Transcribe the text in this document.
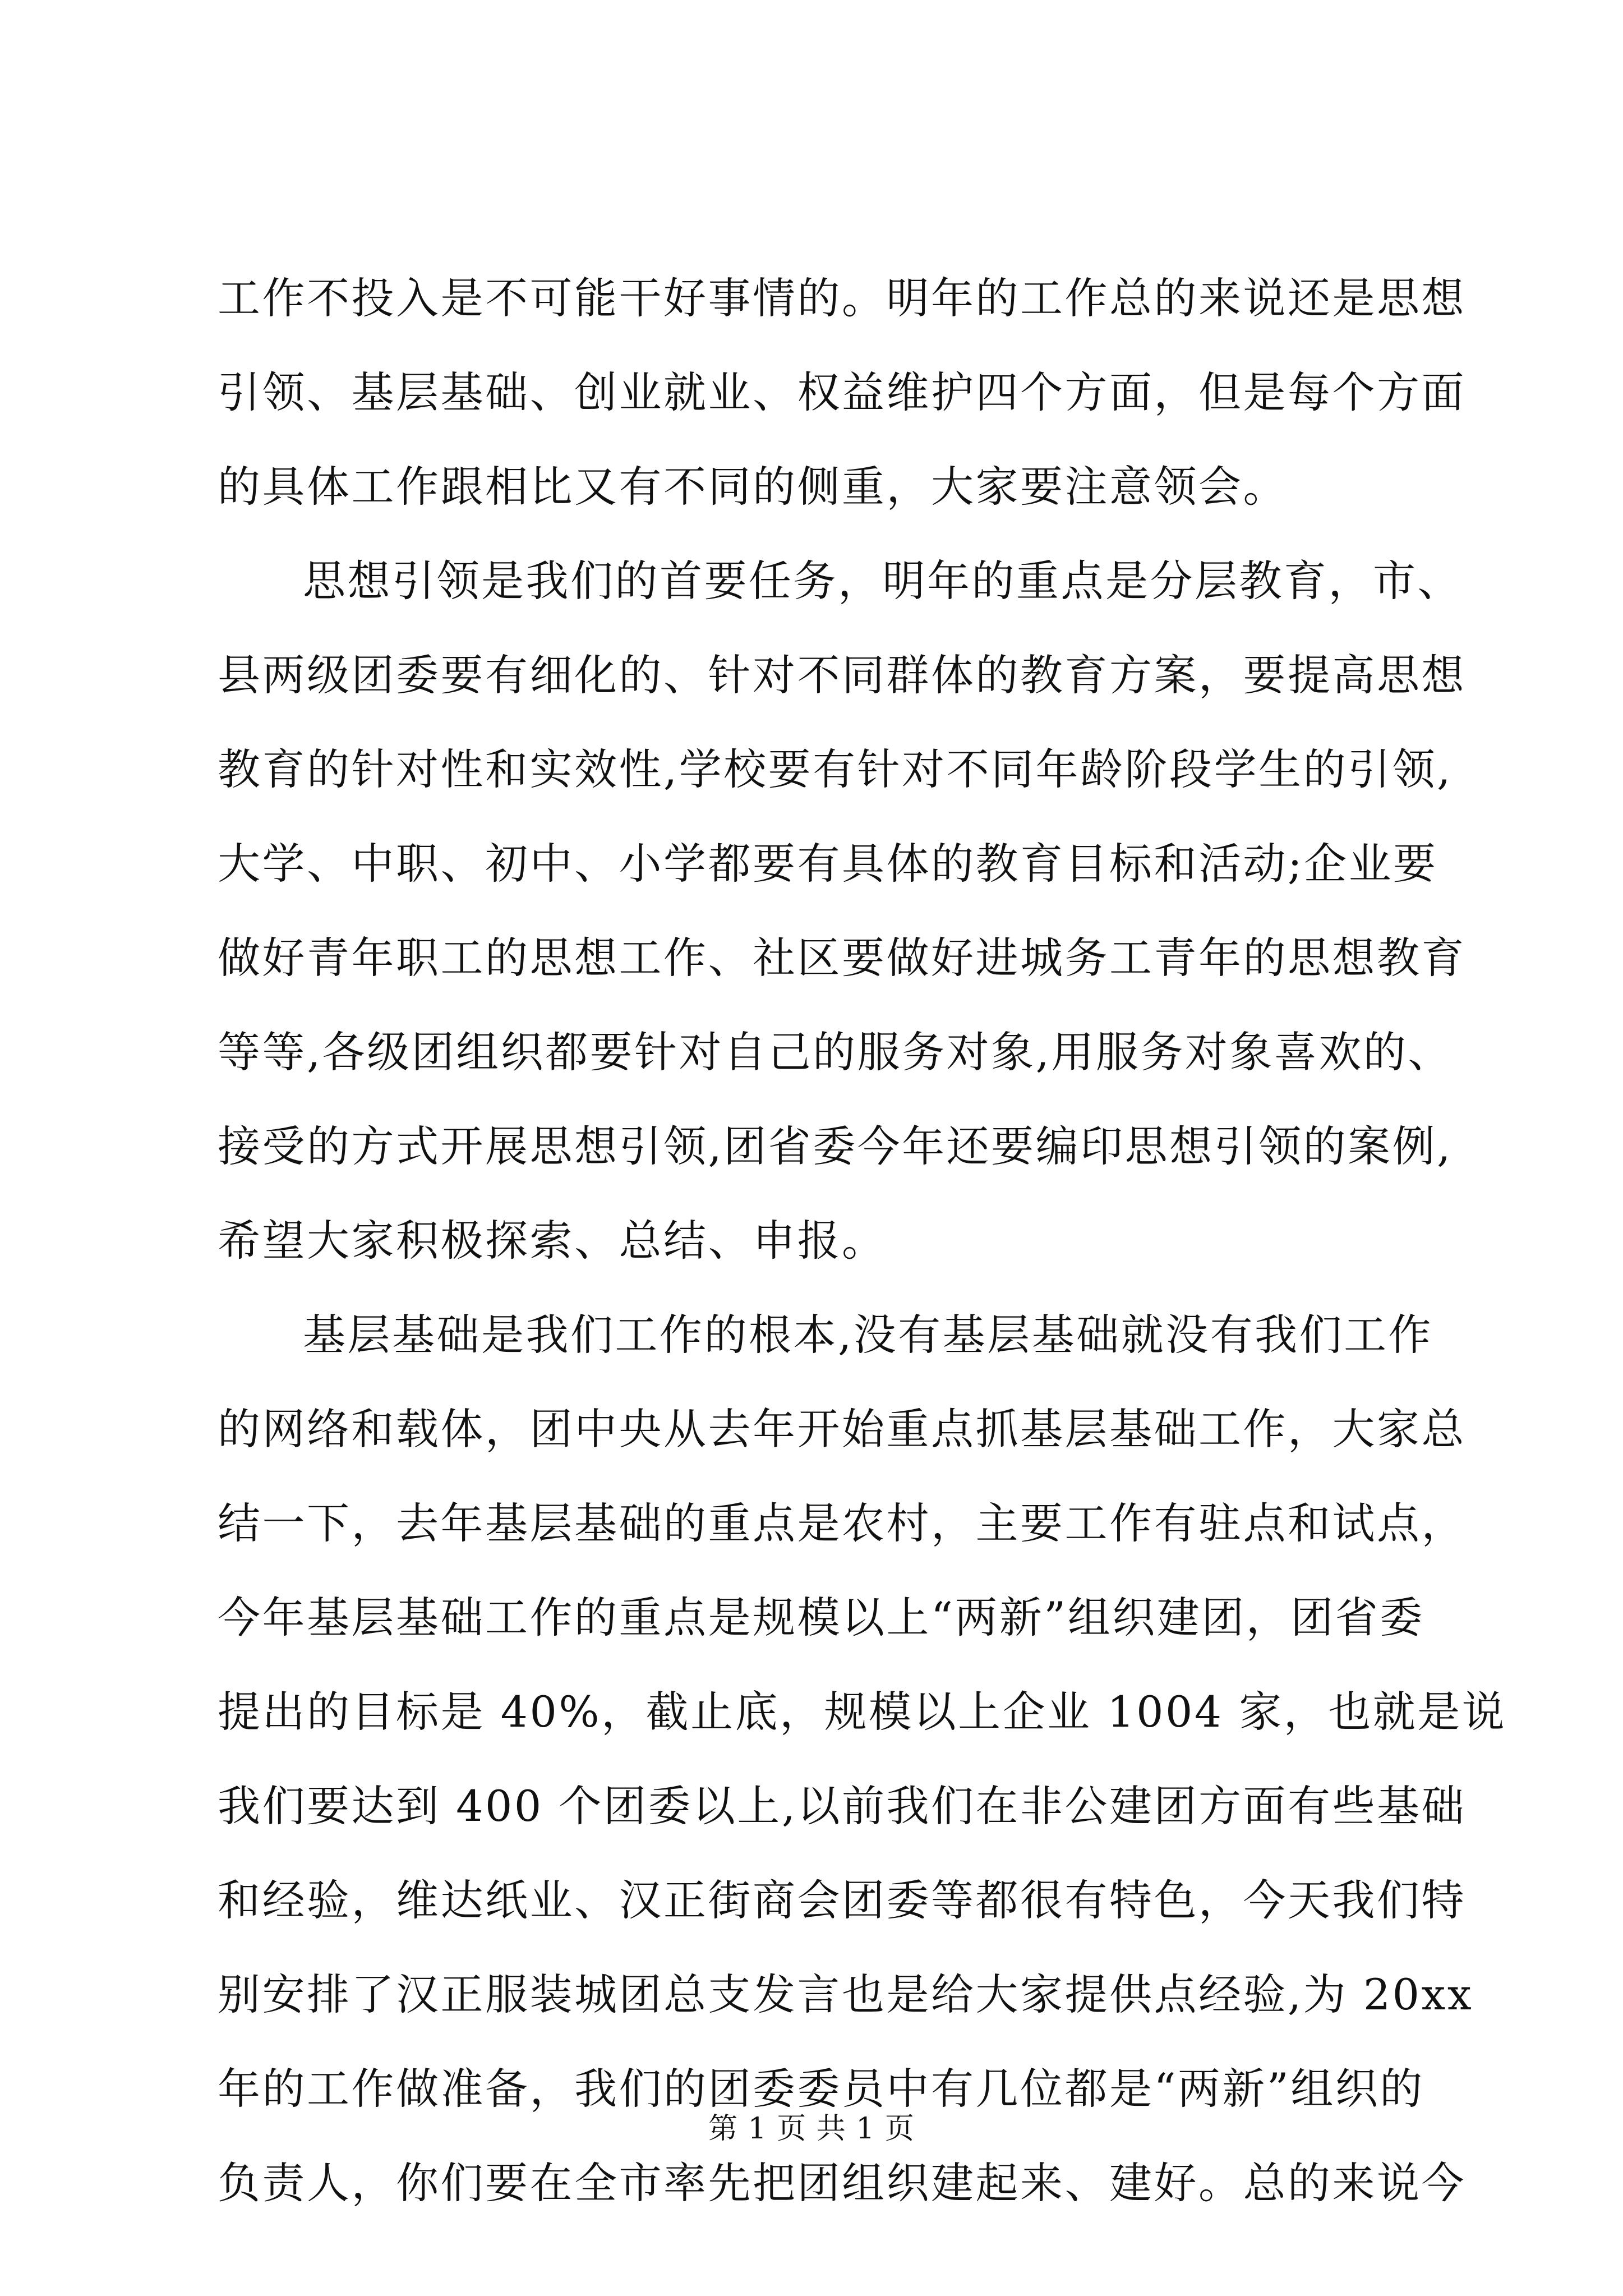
工作不投入是不可能干好事情的。明年的工作总的来说还是思想
引领、基层基础、创业就业、权益维护四个方面，但是每个方面
的具体工作跟相比又有不同的侧重，大家要注意领会。
思想引领是我们的首要任务，明年的重点是分层教育，市、
县两级团委要有细化的、针对不同群体的教育方案，要提高思想
教育的针对性和实效性,学校要有针对不同年龄阶段学生的引领,
大学、中职、初中、小学都要有具体的教育目标和活动;企业要
做好青年职工的思想工作、社区要做好进城务工青年的思想教育
等等,各级团组织都要针对自己的服务对象,用服务对象喜欢的、
接受的方式开展思想引领,团省委今年还要编印思想引领的案例,
希望大家积极探索、总结、申报。
基层基础是我们工作的根本,没有基层基础就没有我们工作
的网络和载体，团中央从去年开始重点抓基层基础工作，大家总
结一下，去年基层基础的重点是农村，主要工作有驻点和试点，
今年基层基础工作的重点是规模以上“两新”组织建团，团省委
提出的目标是 40%，截止底，规模以上企业 1004 家，也就是说
我们要达到 400 个团委以上,以前我们在非公建团方面有些基础
和经验，维达纸业、汉正街商会团委等都很有特色，今天我们特
别安排了汉正服装城团总支发言也是给大家提供点经验,为 20xx
年的工作做准备，我们的团委委员中有几位都是“两新”组织的
负责人，你们要在全市率先把团组织建起来、建好。总的来说今
第 1 页 共 1 页
